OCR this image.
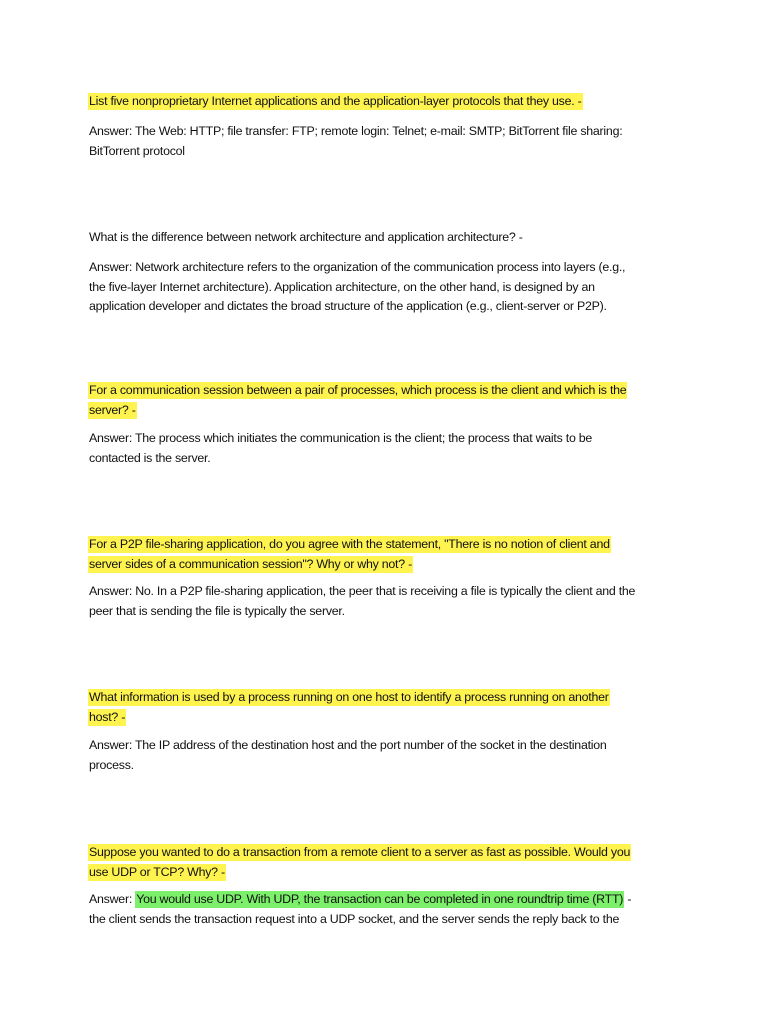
List five nonproprietary Internet applications and the application-layer protocols that they use. -
Answer: The Web: HTTP; file transfer: FTP; remote login: Telnet; e-mail: SMTP; BitTorrent file sharing:
BitTorrent protocol
What is the difference between network architecture and application architecture? -
Answer: Network architecture refers to the organization of the communication process into layers (e.g.,
the five-layer Internet architecture). Application architecture, on the other hand, is designed by an
application developer and dictates the broad structure of the application (e.g., client-server or P2P).
For a communication session between a pair of processes, which process is the client and which is the
server? -
Answer: The process which initiates the communication is the client; the process that waits to be
contacted is the server.
For a P2P file-sharing application, do you agree with the statement, "There is no notion of client and
server sides of a communication session"? Why or why not? -
Answer: No. In a P2P file-sharing application, the peer that is receiving a file is typically the client and the
peer that is sending the file is typically the server.
What information is used by a process running on one host to identify a process running on another
host? -
Answer: The IP address of the destination host and the port number of the socket in the destination
process.
Suppose you wanted to do a transaction from a remote client to a server as fast as possible. Would you
use UDP or TCP? Why? -
Answer: You would use UDP. With UDP, the transaction can be completed in one roundtrip time (RTT) -
the client sends the transaction request into a UDP socket, and the server sends the reply back to the
